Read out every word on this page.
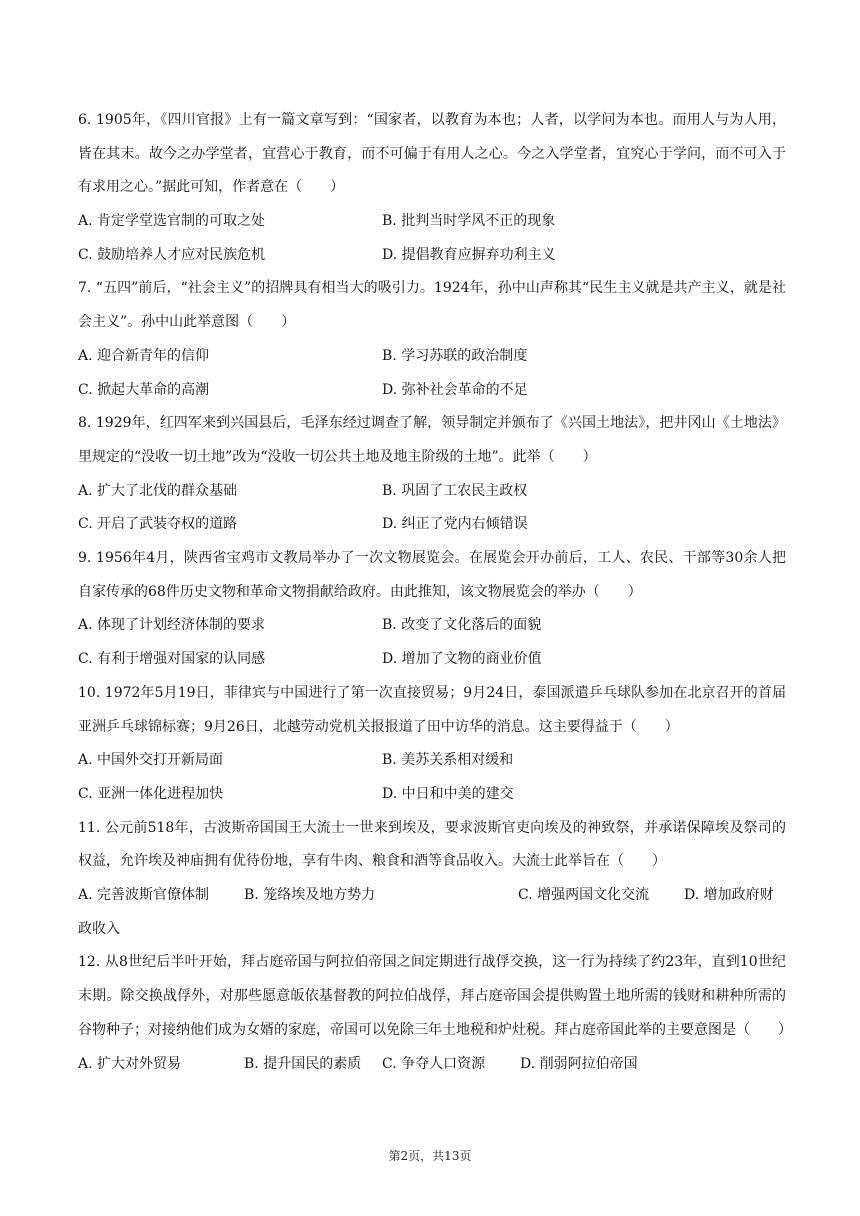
6. 1905年，《四川官报》上有一篇文章写到：“国家者，以教育为本也；人者，以学问为本也。而用人与为人用，皆在其末。故今之办学堂者，宜营心于教育，而不可偏于有用人之心。今之入学堂者，宜究心于学问，而不可入于有求用之心。”据此可知，作者意在（　　）

A. 肯定学堂选官制的可取之处	B. 批判当时学风不正的现象
C. 鼓励培养人才应对民族危机	D. 提倡教育应摒弃功利主义

7. “五四”前后，“社会主义”的招牌具有相当大的吸引力。1924年，孙中山声称其“民生主义就是共产主义，就是社会主义”。孙中山此举意图（　　）

A. 迎合新青年的信仰	B. 学习苏联的政治制度
C. 掀起大革命的高潮	D. 弥补社会革命的不足

8. 1929年，红四军来到兴国县后，毛泽东经过调查了解，领导制定并颁布了《兴国土地法》，把井冈山《土地法》里规定的“没收一切土地”改为“没收一切公共土地及地主阶级的土地”。此举（　　）

A. 扩大了北伐的群众基础	B. 巩固了工农民主政权
C. 开启了武装夺权的道路	D. 纠正了党内右倾错误

9. 1956年4月，陕西省宝鸡市文教局举办了一次文物展览会。在展览会开办前后，工人、农民、干部等30余人把自家传承的68件历史文物和革命文物捐献给政府。由此推知，该文物展览会的举办（　　）

A. 体现了计划经济体制的要求	B. 改变了文化落后的面貌
C. 有利于增强对国家的认同感	D. 增加了文物的商业价值

10. 1972年5月19日，菲律宾与中国进行了第一次直接贸易；9月24日，泰国派遣乒乓球队参加在北京召开的首届亚洲乒乓球锦标赛；9月26日，北越劳动党机关报报道了田中访华的消息。这主要得益于（　　）

A. 中国外交打开新局面	B. 美苏关系相对缓和
C. 亚洲一体化进程加快	D. 中日和中美的建交

11. 公元前518年，古波斯帝国国王大流士一世来到埃及，要求波斯官吏向埃及的神致祭，并承诺保障埃及祭司的权益，允许埃及神庙拥有优待份地，享有牛肉、粮食和酒等食品收入。大流士此举旨在（　　）

A. 完善波斯官僚体制 B. 笼络埃及地方势力	C. 增强两国文化交流 D. 增加政府财
政收入

12. 从8世纪后半叶开始，拜占庭帝国与阿拉伯帝国之间定期进行战俘交换，这一行为持续了约23年，直到10世纪末期。除交换战俘外，对那些愿意皈依基督教的阿拉伯战俘，拜占庭帝国会提供购置土地所需的钱财和耕种所需的谷物种子；对接纳他们成为女婿的家庭，帝国可以免除三年土地税和炉灶税。拜占庭帝国此举的主要意图是（　　）

A. 扩大对外贸易	B. 提升国民的素质 C. 争夺人口资源 D. 削弱阿拉伯帝国
第2页，共13页
